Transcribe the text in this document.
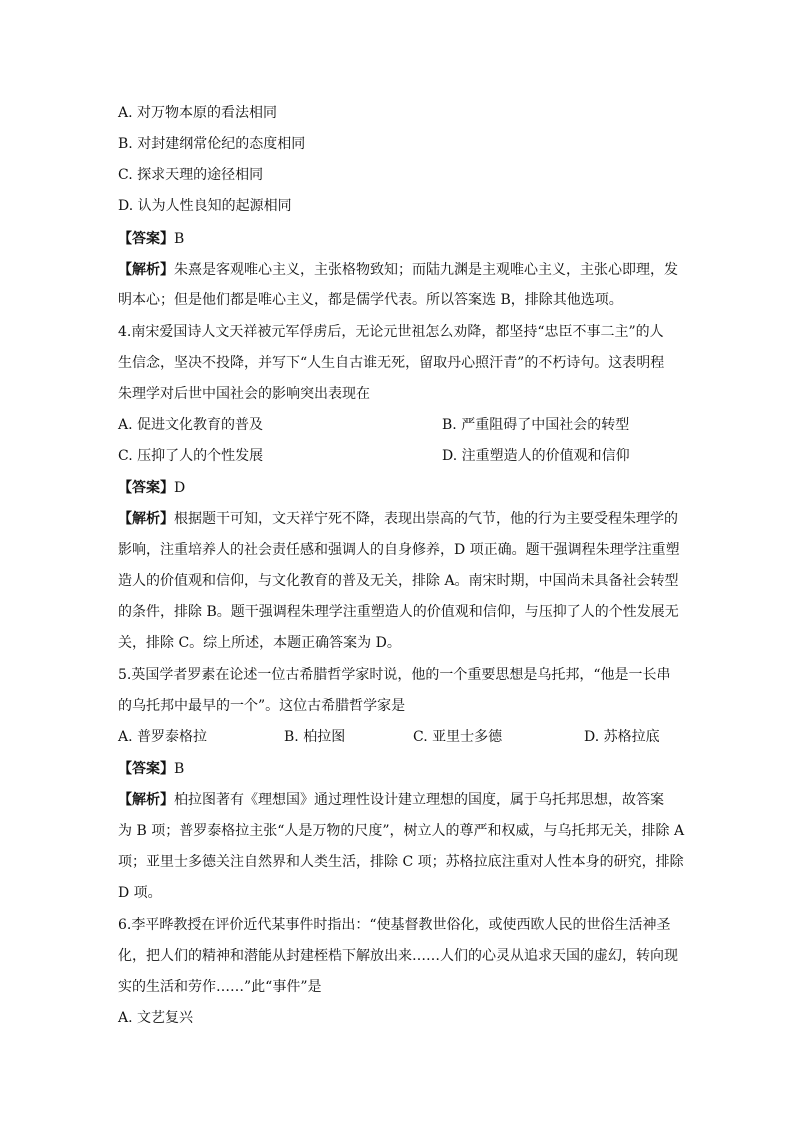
A. 对万物本原的看法相同
B. 对封建纲常伦纪的态度相同
C. 探求天理的途径相同
D. 认为人性良知的起源相同
【答案】B
【解析】朱熹是客观唯心主义，主张格物致知；而陆九渊是主观唯心主义，主张心即理，发
明本心；但是他们都是唯心主义，都是儒学代表。所以答案选 B，排除其他选项。
4.南宋爱国诗人文天祥被元军俘虏后，无论元世祖怎么劝降，都坚持“忠臣不事二主”的人
生信念，坚决不投降，并写下“人生自古谁无死，留取丹心照汗青”的不朽诗句。这表明程
朱理学对后世中国社会的影响突出表现在
A. 促进文化教育的普及	B. 严重阻碍了中国社会的转型
C. 压抑了人的个性发展	D. 注重塑造人的价值观和信仰
【答案】D
【解析】根据题干可知，文天祥宁死不降，表现出崇高的气节，他的行为主要受程朱理学的
影响，注重培养人的社会责任感和强调人的自身修养，D 项正确。题干强调程朱理学注重塑
造人的价值观和信仰，与文化教育的普及无关，排除 A。南宋时期，中国尚未具备社会转型
的条件，排除 B。题干强调程朱理学注重塑造人的价值观和信仰，与压抑了人的个性发展无
关，排除 C。综上所述，本题正确答案为 D。
5.英国学者罗素在论述一位古希腊哲学家时说，他的一个重要思想是乌托邦，“他是一长串
的乌托邦中最早的一个”。这位古希腊哲学家是
A. 普罗泰格拉	B. 柏拉图	C. 亚里士多德	D. 苏格拉底
【答案】B
【解析】柏拉图著有《理想国》通过理性设计建立理想的国度，属于乌托邦思想，故答案
为 B 项；普罗泰格拉主张“人是万物的尺度”，树立人的尊严和权威，与乌托邦无关，排除 A
项；亚里士多德关注自然界和人类生活，排除 C 项；苏格拉底注重对人性本身的研究，排除
D 项。
6.李平晔教授在评价近代某事件时指出：“使基督教世俗化，或使西欧人民的世俗生活神圣
化，把人们的精神和潜能从封建桎梏下解放出来……人们的心灵从追求天国的虚幻，转向现
实的生活和劳作……”此“事件”是
A. 文艺复兴
